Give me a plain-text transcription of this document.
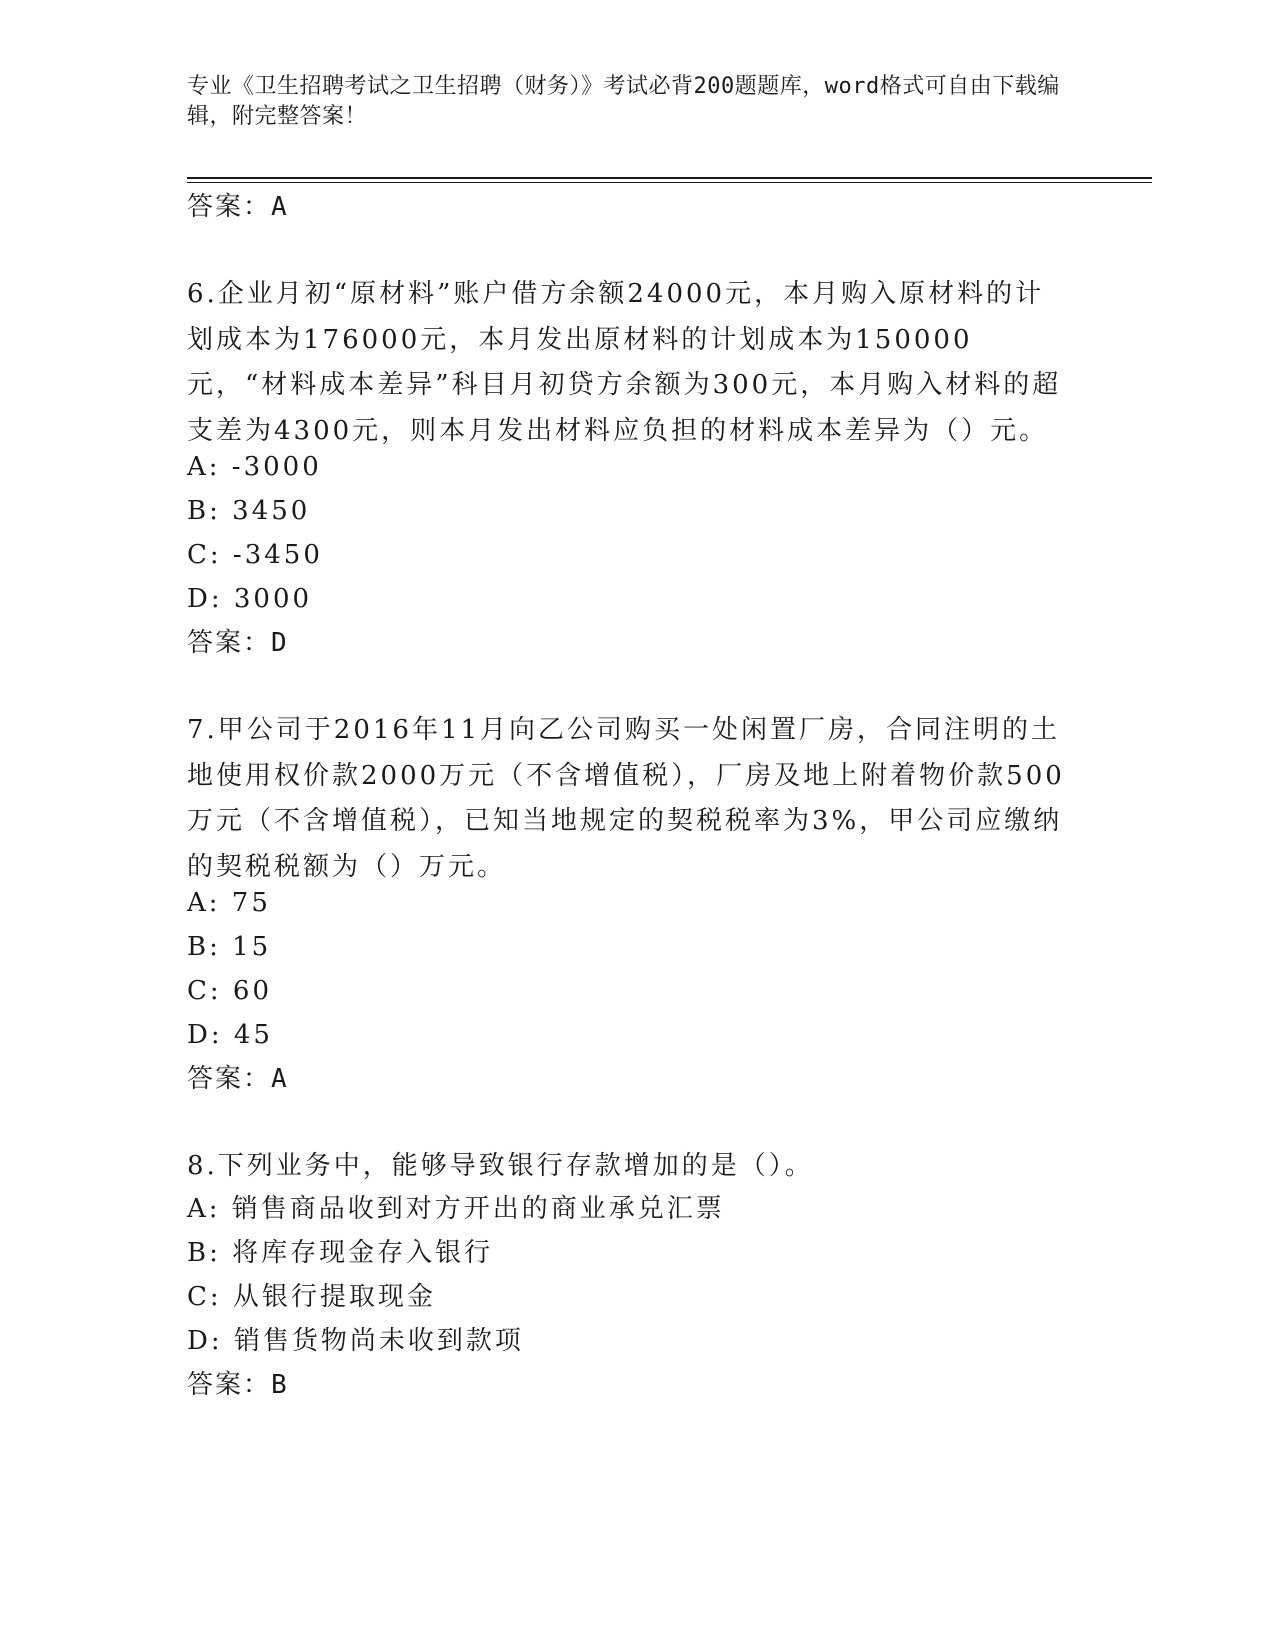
专业《卫生招聘考试之卫生招聘（财务）》考试必背200题题库，word格式可自由下载编辑，附完整答案！
答案：A
6.企业月初“原材料”账户借方余额24000元，本月购入原材料的计划成本为176000元，本月发出原材料的计划成本为150000元，“材料成本差异”科目月初贷方余额为300元，本月购入材料的超支差为4300元，则本月发出材料应负担的材料成本差异为（）元。
A: -3000
B: 3450
C: -3450
D: 3000
答案：D
7.甲公司于2016年11月向乙公司购买一处闲置厂房，合同注明的土地使用权价款2000万元（不含增值税），厂房及地上附着物价款500万元（不含增值税），已知当地规定的契税税率为3%，甲公司应缴纳的契税税额为（）万元。
A: 75
B: 15
C: 60
D: 45
答案：A
8.下列业务中，能够导致银行存款增加的是（）。
A: 销售商品收到对方开出的商业承兑汇票
B: 将库存现金存入银行
C: 从银行提取现金
D: 销售货物尚未收到款项
答案：B
